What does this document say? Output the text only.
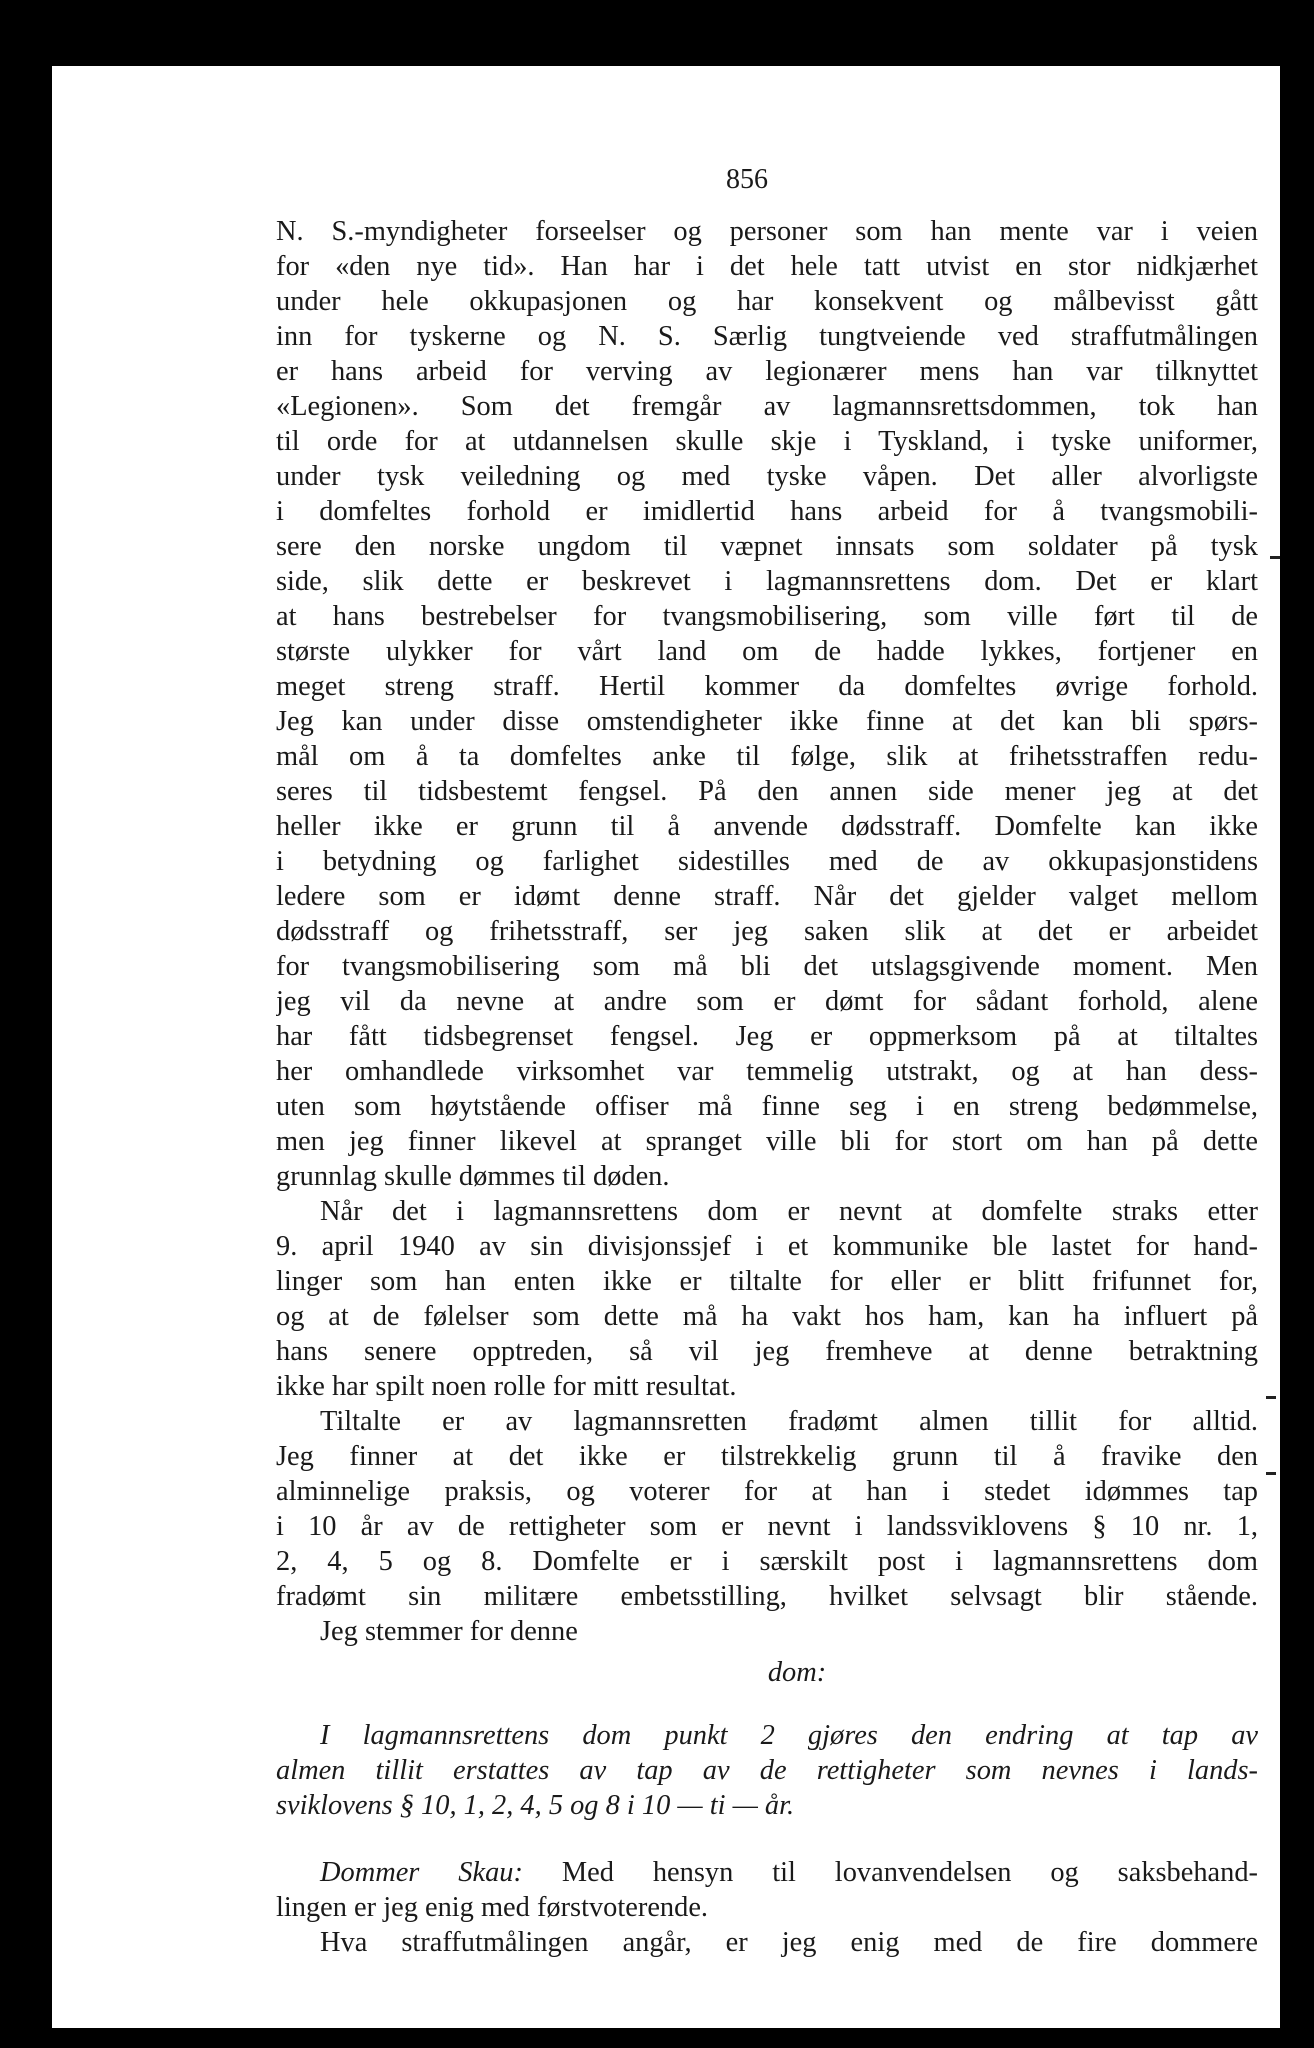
856
N. S.-myndigheter forseelser og personer som han mente var i veien
for «den nye tid». Han har i det hele tatt utvist en stor nidkjærhet
under hele okkupasjonen og har konsekvent og målbevisst gått
inn for tyskerne og N. S. Særlig tungtveiende ved straffutmålingen
er hans arbeid for verving av legionærer mens han var tilknyttet
«Legionen». Som det fremgår av lagmannsrettsdommen, tok han
til orde for at utdannelsen skulle skje i Tyskland, i tyske uniformer,
under tysk veiledning og med tyske våpen. Det aller alvorligste
i domfeltes forhold er imidlertid hans arbeid for å tvangsmobili-
sere den norske ungdom til væpnet innsats som soldater på tysk
side, slik dette er beskrevet i lagmannsrettens dom. Det er klart
at hans bestrebelser for tvangsmobilisering, som ville ført til de
største ulykker for vårt land om de hadde lykkes, fortjener en
meget streng straff. Hertil kommer da domfeltes øvrige forhold.
Jeg kan under disse omstendigheter ikke finne at det kan bli spørs-
mål om å ta domfeltes anke til følge, slik at frihetsstraffen redu-
seres til tidsbestemt fengsel. På den annen side mener jeg at det
heller ikke er grunn til å anvende dødsstraff. Domfelte kan ikke
i betydning og farlighet sidestilles med de av okkupasjonstidens
ledere som er idømt denne straff. Når det gjelder valget mellom
dødsstraff og frihetsstraff, ser jeg saken slik at det er arbeidet
for tvangsmobilisering som må bli det utslagsgivende moment. Men
jeg vil da nevne at andre som er dømt for sådant forhold, alene
har fått tidsbegrenset fengsel. Jeg er oppmerksom på at tiltaltes
her omhandlede virksomhet var temmelig utstrakt, og at han dess-
uten som høytstående offiser må finne seg i en streng bedømmelse,
men jeg finner likevel at spranget ville bli for stort om han på dette
grunnlag skulle dømmes til døden.
Når det i lagmannsrettens dom er nevnt at domfelte straks etter
9. april 1940 av sin divisjonssjef i et kommunike ble lastet for hand-
linger som han enten ikke er tiltalte for eller er blitt frifunnet for,
og at de følelser som dette må ha vakt hos ham, kan ha influert på
hans senere opptreden, så vil jeg fremheve at denne betraktning
ikke har spilt noen rolle for mitt resultat.
Tiltalte er av lagmannsretten fradømt almen tillit for alltid.
Jeg finner at det ikke er tilstrekkelig grunn til å fravike den
alminnelige praksis, og voterer for at han i stedet idømmes tap
i 10 år av de rettigheter som er nevnt i landssviklovens § 10 nr. 1,
2, 4, 5 og 8. Domfelte er i særskilt post i lagmannsrettens dom
fradømt sin militære embetsstilling, hvilket selvsagt blir stående.
Jeg stemmer for denne
dom:
I lagmannsrettens dom punkt 2 gjøres den endring at tap av
almen tillit erstattes av tap av de rettigheter som nevnes i lands-
sviklovens § 10, 1, 2, 4, 5 og 8 i 10 — ti — år.
Dommer Skau: Med hensyn til lovanvendelsen og saksbehand-
lingen er jeg enig med førstvoterende.
Hva straffutmålingen angår, er jeg enig med de fire dommere
